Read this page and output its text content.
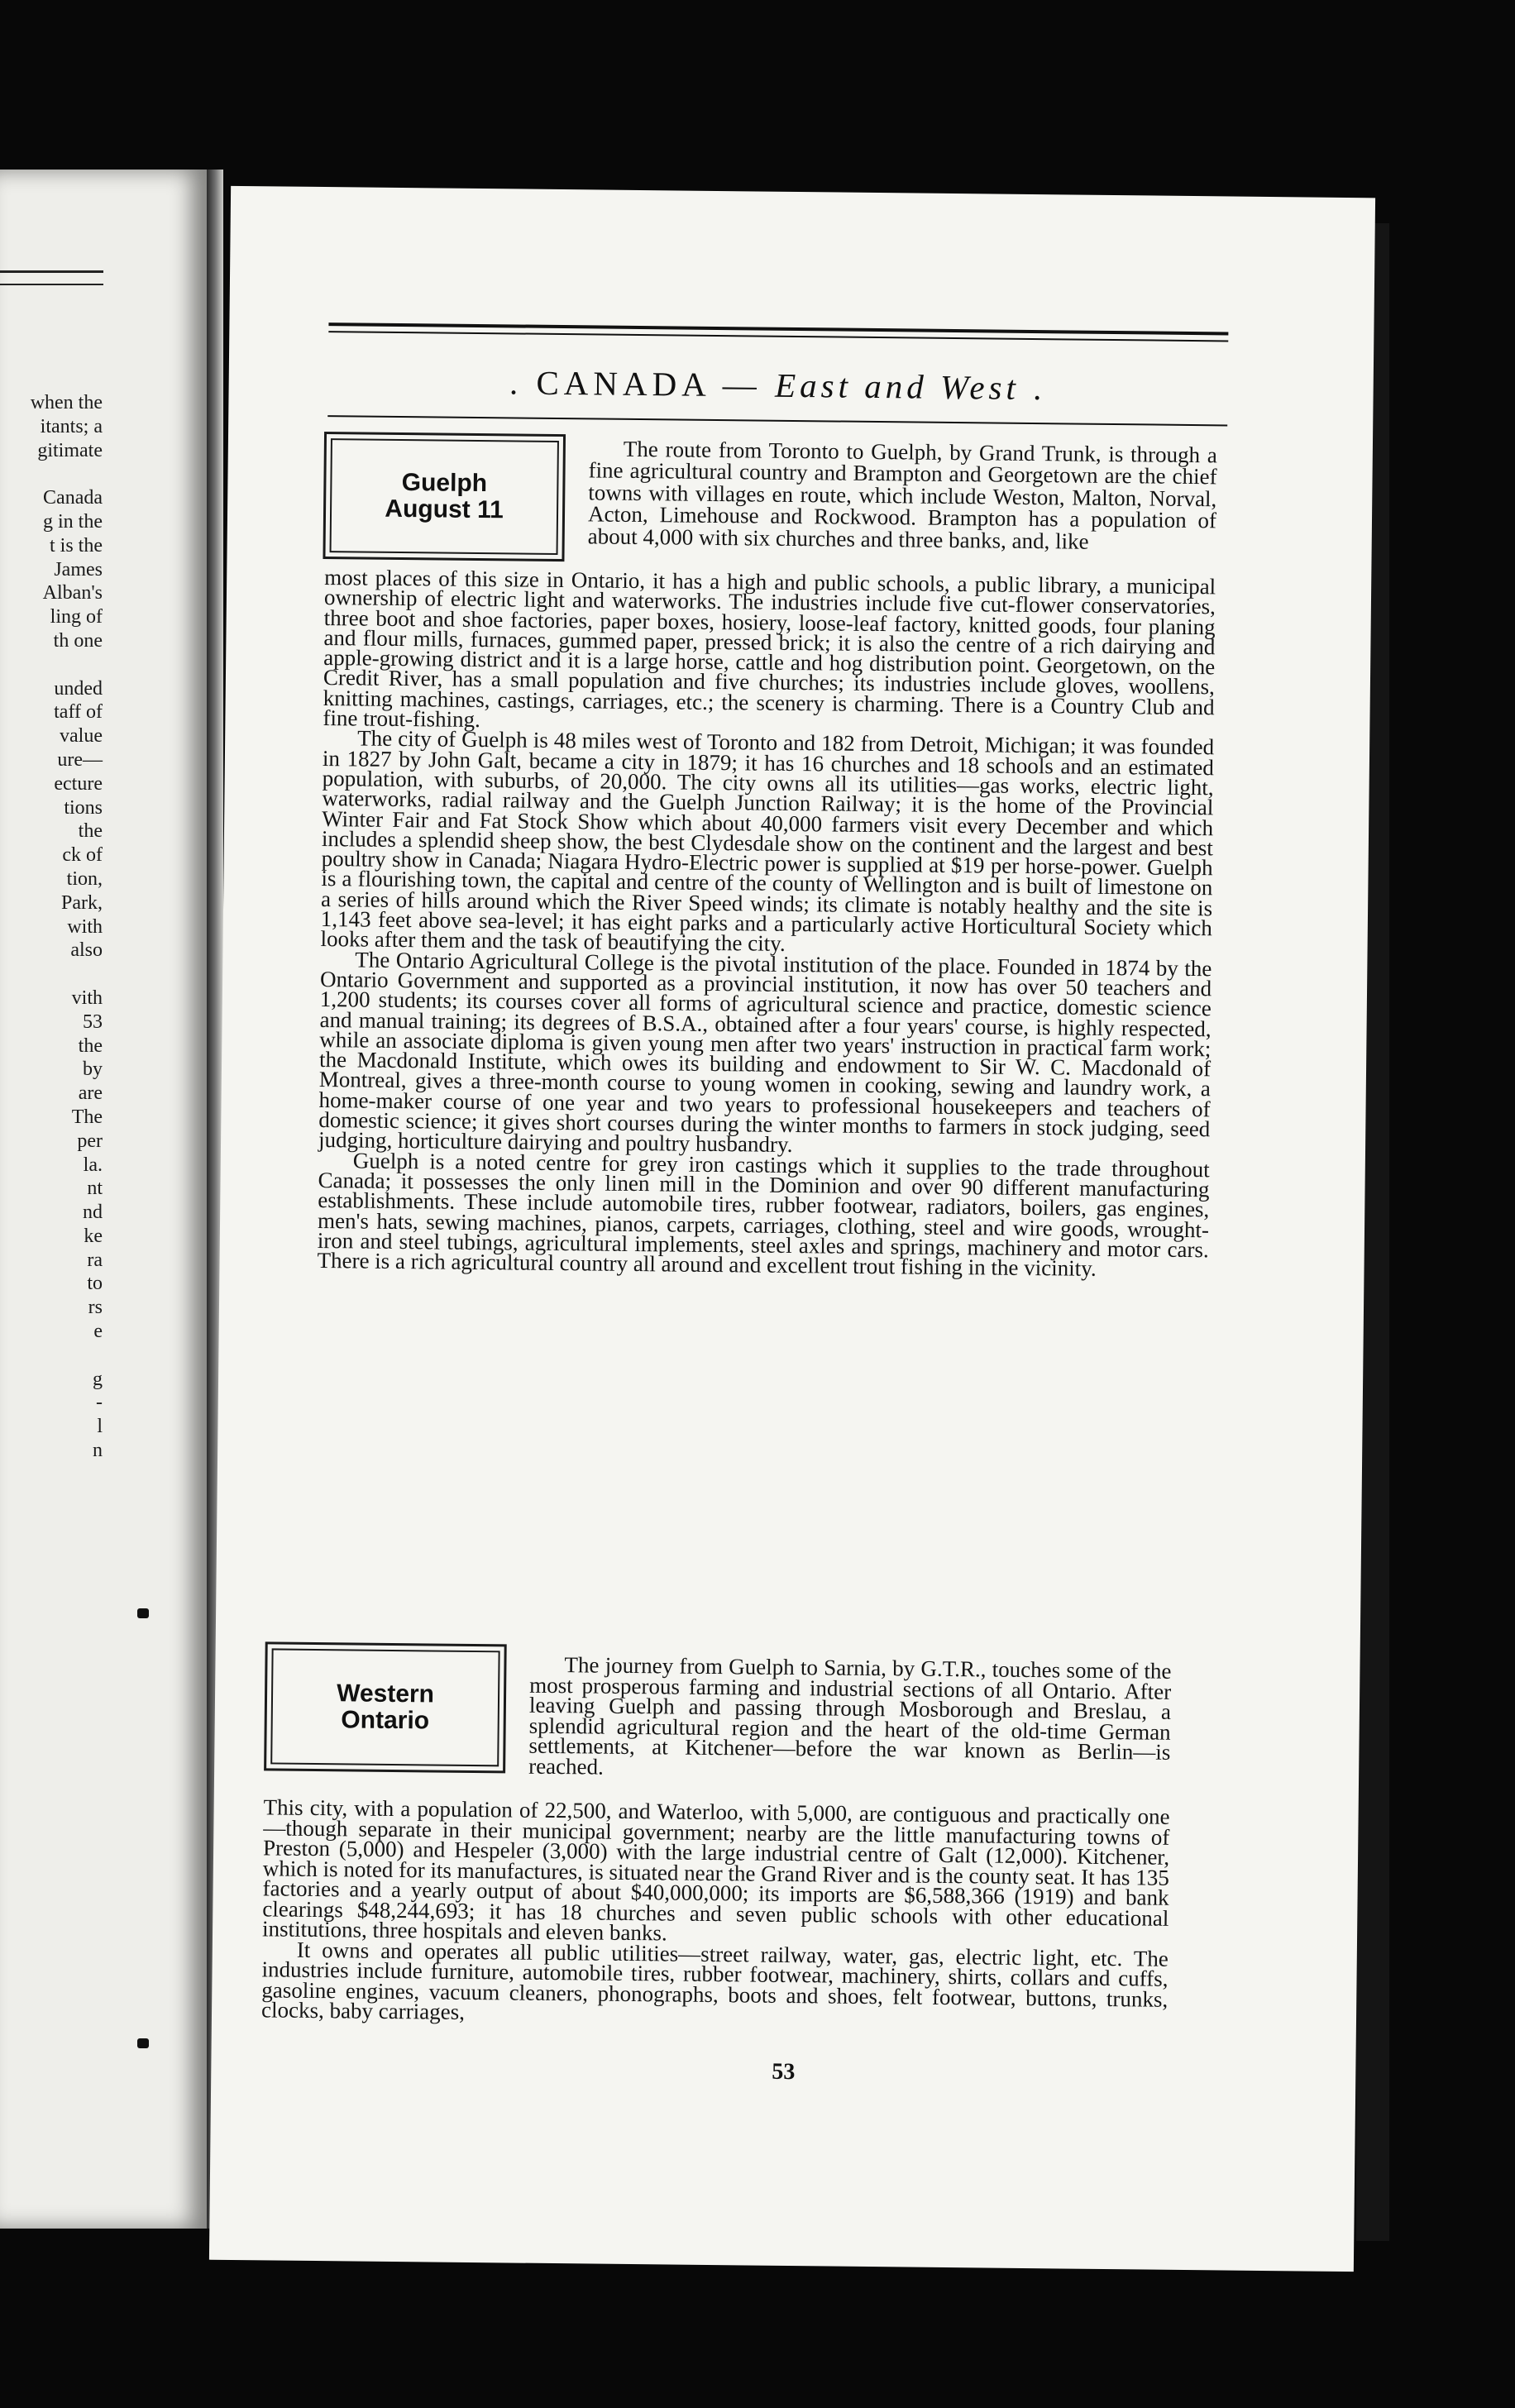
when the
itants; a
gitimate

Canada
g in the
t is the
James
Alban's
ling of
th one

unded
taff of
value
ure—
ecture
tions
the
ck of
tion,
Park,
with
also

vith
53
the
by
are
The
per
la.
nt
nd
ke
ra
to
rs
e

g
-
l
n
. CANADA — East and West .
Guelph
August 11

The route from Toronto to Guelph, by Grand Trunk, is through a fine agricultural country and Brampton and Georgetown are the chief towns with villages en route, which include Weston, Malton, Norval, Acton, Limehouse and Rockwood. Brampton has a population of about 4,000 with six churches and three banks, and, like

most places of this size in Ontario, it has a high and public schools, a public library, a municipal ownership of electric light and waterworks. The industries include five cut-flower conservatories, three boot and shoe factories, paper boxes, hosiery, loose-leaf factory, knitted goods, four planing and flour mills, furnaces, gummed paper, pressed brick; it is also the centre of a rich dairying and apple-growing district and it is a large horse, cattle and hog distribution point. Georgetown, on the Credit River, has a small population and five churches; its industries include gloves, woollens, knitting machines, castings, carriages, etc.; the scenery is charming. There is a Country Club and fine trout-fishing.

The city of Guelph is 48 miles west of Toronto and 182 from Detroit, Michigan; it was founded in 1827 by John Galt, became a city in 1879; it has 16 churches and 18 schools and an estimated population, with suburbs, of 20,000. The city owns all its utilities—gas works, electric light, waterworks, radial railway and the Guelph Junction Railway; it is the home of the Provincial Winter Fair and Fat Stock Show which about 40,000 farmers visit every December and which includes a splendid sheep show, the best Clydesdale show on the continent and the largest and best poultry show in Canada; Niagara Hydro-Electric power is supplied at $19 per horse-power. Guelph is a flourishing town, the capital and centre of the county of Wellington and is built of limestone on a series of hills around which the River Speed winds; its climate is notably healthy and the site is 1,143 feet above sea-level; it has eight parks and a particularly active Horticultural Society which looks after them and the task of beautifying the city.

The Ontario Agricultural College is the pivotal institution of the place. Founded in 1874 by the Ontario Government and supported as a provincial institution, it now has over 50 teachers and 1,200 students; its courses cover all forms of agricultural science and practice, domestic science and manual training; its degrees of B.S.A., obtained after a four years' course, is highly respected, while an associate diploma is given young men after two years' instruction in practical farm work; the Macdonald Institute, which owes its building and endowment to Sir W. C. Macdonald of Montreal, gives a three-month course to young women in cooking, sewing and laundry work, a home-maker course of one year and two years to professional housekeepers and teachers of domestic science; it gives short courses during the winter months to farmers in stock judging, seed judging, horticulture dairying and poultry husbandry.

Guelph is a noted centre for grey iron castings which it supplies to the trade throughout Canada; it possesses the only linen mill in the Dominion and over 90 different manufacturing establishments. These include automobile tires, rubber footwear, radiators, boilers, gas engines, men's hats, sewing machines, pianos, carpets, carriages, clothing, steel and wire goods, wrought-iron and steel tubings, agricultural implements, steel axles and springs, machinery and motor cars. There is a rich agricultural country all around and excellent trout fishing in the vicinity.

Western
Ontario

The journey from Guelph to Sarnia, by G.T.R., touches some of the most prosperous farming and industrial sections of all Ontario. After leaving Guelph and passing through Mosborough and Breslau, a splendid agricultural region and the heart of the old-time German settlements, at Kitchener—before the war known as Berlin—is reached.

This city, with a population of 22,500, and Waterloo, with 5,000, are contiguous and practically one—though separate in their municipal government; nearby are the little manufacturing towns of Preston (5,000) and Hespeler (3,000) with the large industrial centre of Galt (12,000). Kitchener, which is noted for its manufactures, is situated near the Grand River and is the county seat. It has 135 factories and a yearly output of about $40,000,000; its imports are $6,588,366 (1919) and bank clearings $48,244,693; it has 18 churches and seven public schools with other educational institutions, three hospitals and eleven banks.

It owns and operates all public utilities—street railway, water, gas, electric light, etc. The industries include furniture, automobile tires, rubber footwear, machinery, shirts, collars and cuffs, gasoline engines, vacuum cleaners, phonographs, boots and shoes, felt footwear, buttons, trunks, clocks, baby carriages,

53
